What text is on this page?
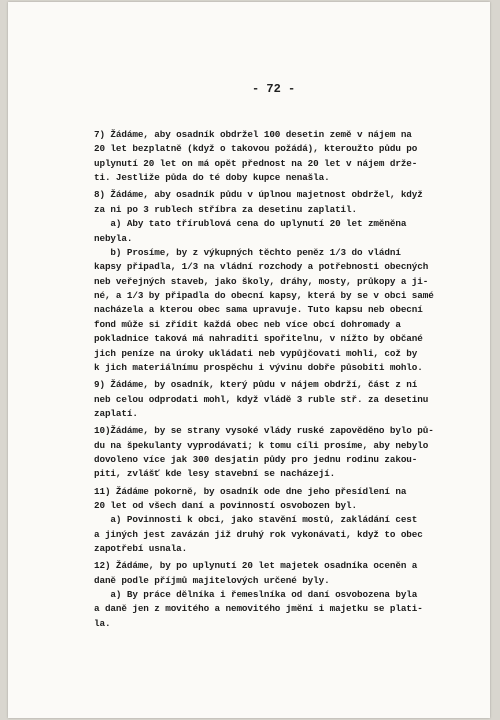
- 72 -
7) Žádáme, aby osadník obdržel 100 desetin země v nájem na
20 let bezplatně (když o takovou požádá), kteroužto půdu po
uplynutí 20 let on má opět přednost na 20 let v nájem drže-
ti. Jestliže půda do té doby kupce nenašla.
8) Žádáme, aby osadník půdu v úplnou majetnost obdržel, když
za ni po 3 rublech stříbra za desetinu zaplatil.
a) Aby tato třírublová cena do uplynutí 20 let změněna
nebyla.
b) Prosíme, by z výkupných těchto peněz 1/3 do vládní
kapsy připadla, 1/3 na vládní rozchody a potřebnosti obecných
neb veřejných staveb, jako školy, dráhy, mosty, průkopy a ji-
né, a 1/3 by připadla do obecní kapsy, která by se v obci samé
nacházela a kterou obec sama upravuje. Tuto kapsu neb obecní
fond může si zřídit každá obec neb více obcí dohromady a
pokladnice taková má nahraditi spořitelnu, v nížto by občané
jich peníze na úroky ukládati neb vypůjčovati mohli, což by
k jich materiálnímu prospěchu i vývinu dobře působiti mohlo.
9) Žádáme, by osadník, který půdu v nájem obdrží, část z ní
neb celou odprodati mohl, když vládě 3 ruble stř. za desetinu
zaplatí.
10)Žádáme, by se strany vysoké vlády ruské zapověděno bylo pů-
du na špekulanty vyprodávati; k tomu cíli prosíme, aby nebylo
dovoleno více jak 300 desjatin půdy pro jednu rodinu zakou-
piti, zvlášť kde lesy stavební se nacházejí.
11) Žádáme pokorně, by osadník ode dne jeho přesídlení na
20 let od všech daní a povinností osvobozen byl.
a) Povinnosti k obci, jako stavění mostů, zakládání cest
a jiných jest zavázán již druhý rok vykonávati, když to obec
zapotřebí usnala.
12) Žádáme, by po uplynutí 20 let majetek osadníka oceněn a
daně podle příjmů majitelových určené byly.
a) By práce dělníka i řemeslníka od daní osvobozena byla
a daně jen z movitého a nemovitého jmění i majetku se plati-
la.
